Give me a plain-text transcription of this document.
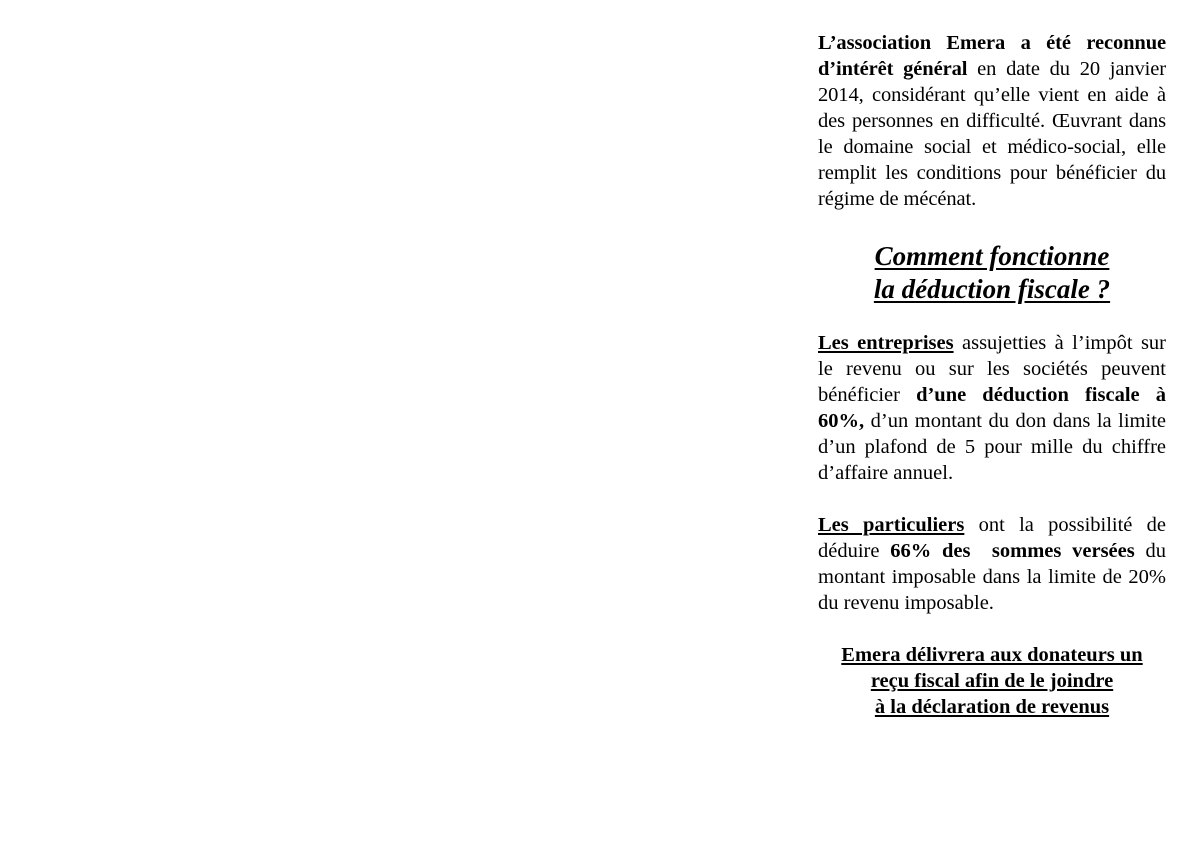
L’association Emera a été reconnue d’intérêt général en date du 20 janvier 2014, considérant qu’elle vient en aide à des personnes en difficulté. Œuvrant dans le domaine social et médico-social, elle remplit les conditions pour bénéficier du régime de mécénat.

Comment fonctionne
la déduction fiscale ?

Les entreprises assujetties à l’impôt sur le revenu ou sur les sociétés peuvent bénéficier d’une déduction fiscale à 60%, d’un montant du don dans la limite d’un plafond de 5 pour mille du chiffre d’affaire annuel.

Les particuliers ont la possibilité de déduire 66% des  sommes versées du montant imposable dans la limite de 20% du revenu imposable.

Emera délivrera aux donateurs un
reçu fiscal afin de le joindre
à la déclaration de revenus
